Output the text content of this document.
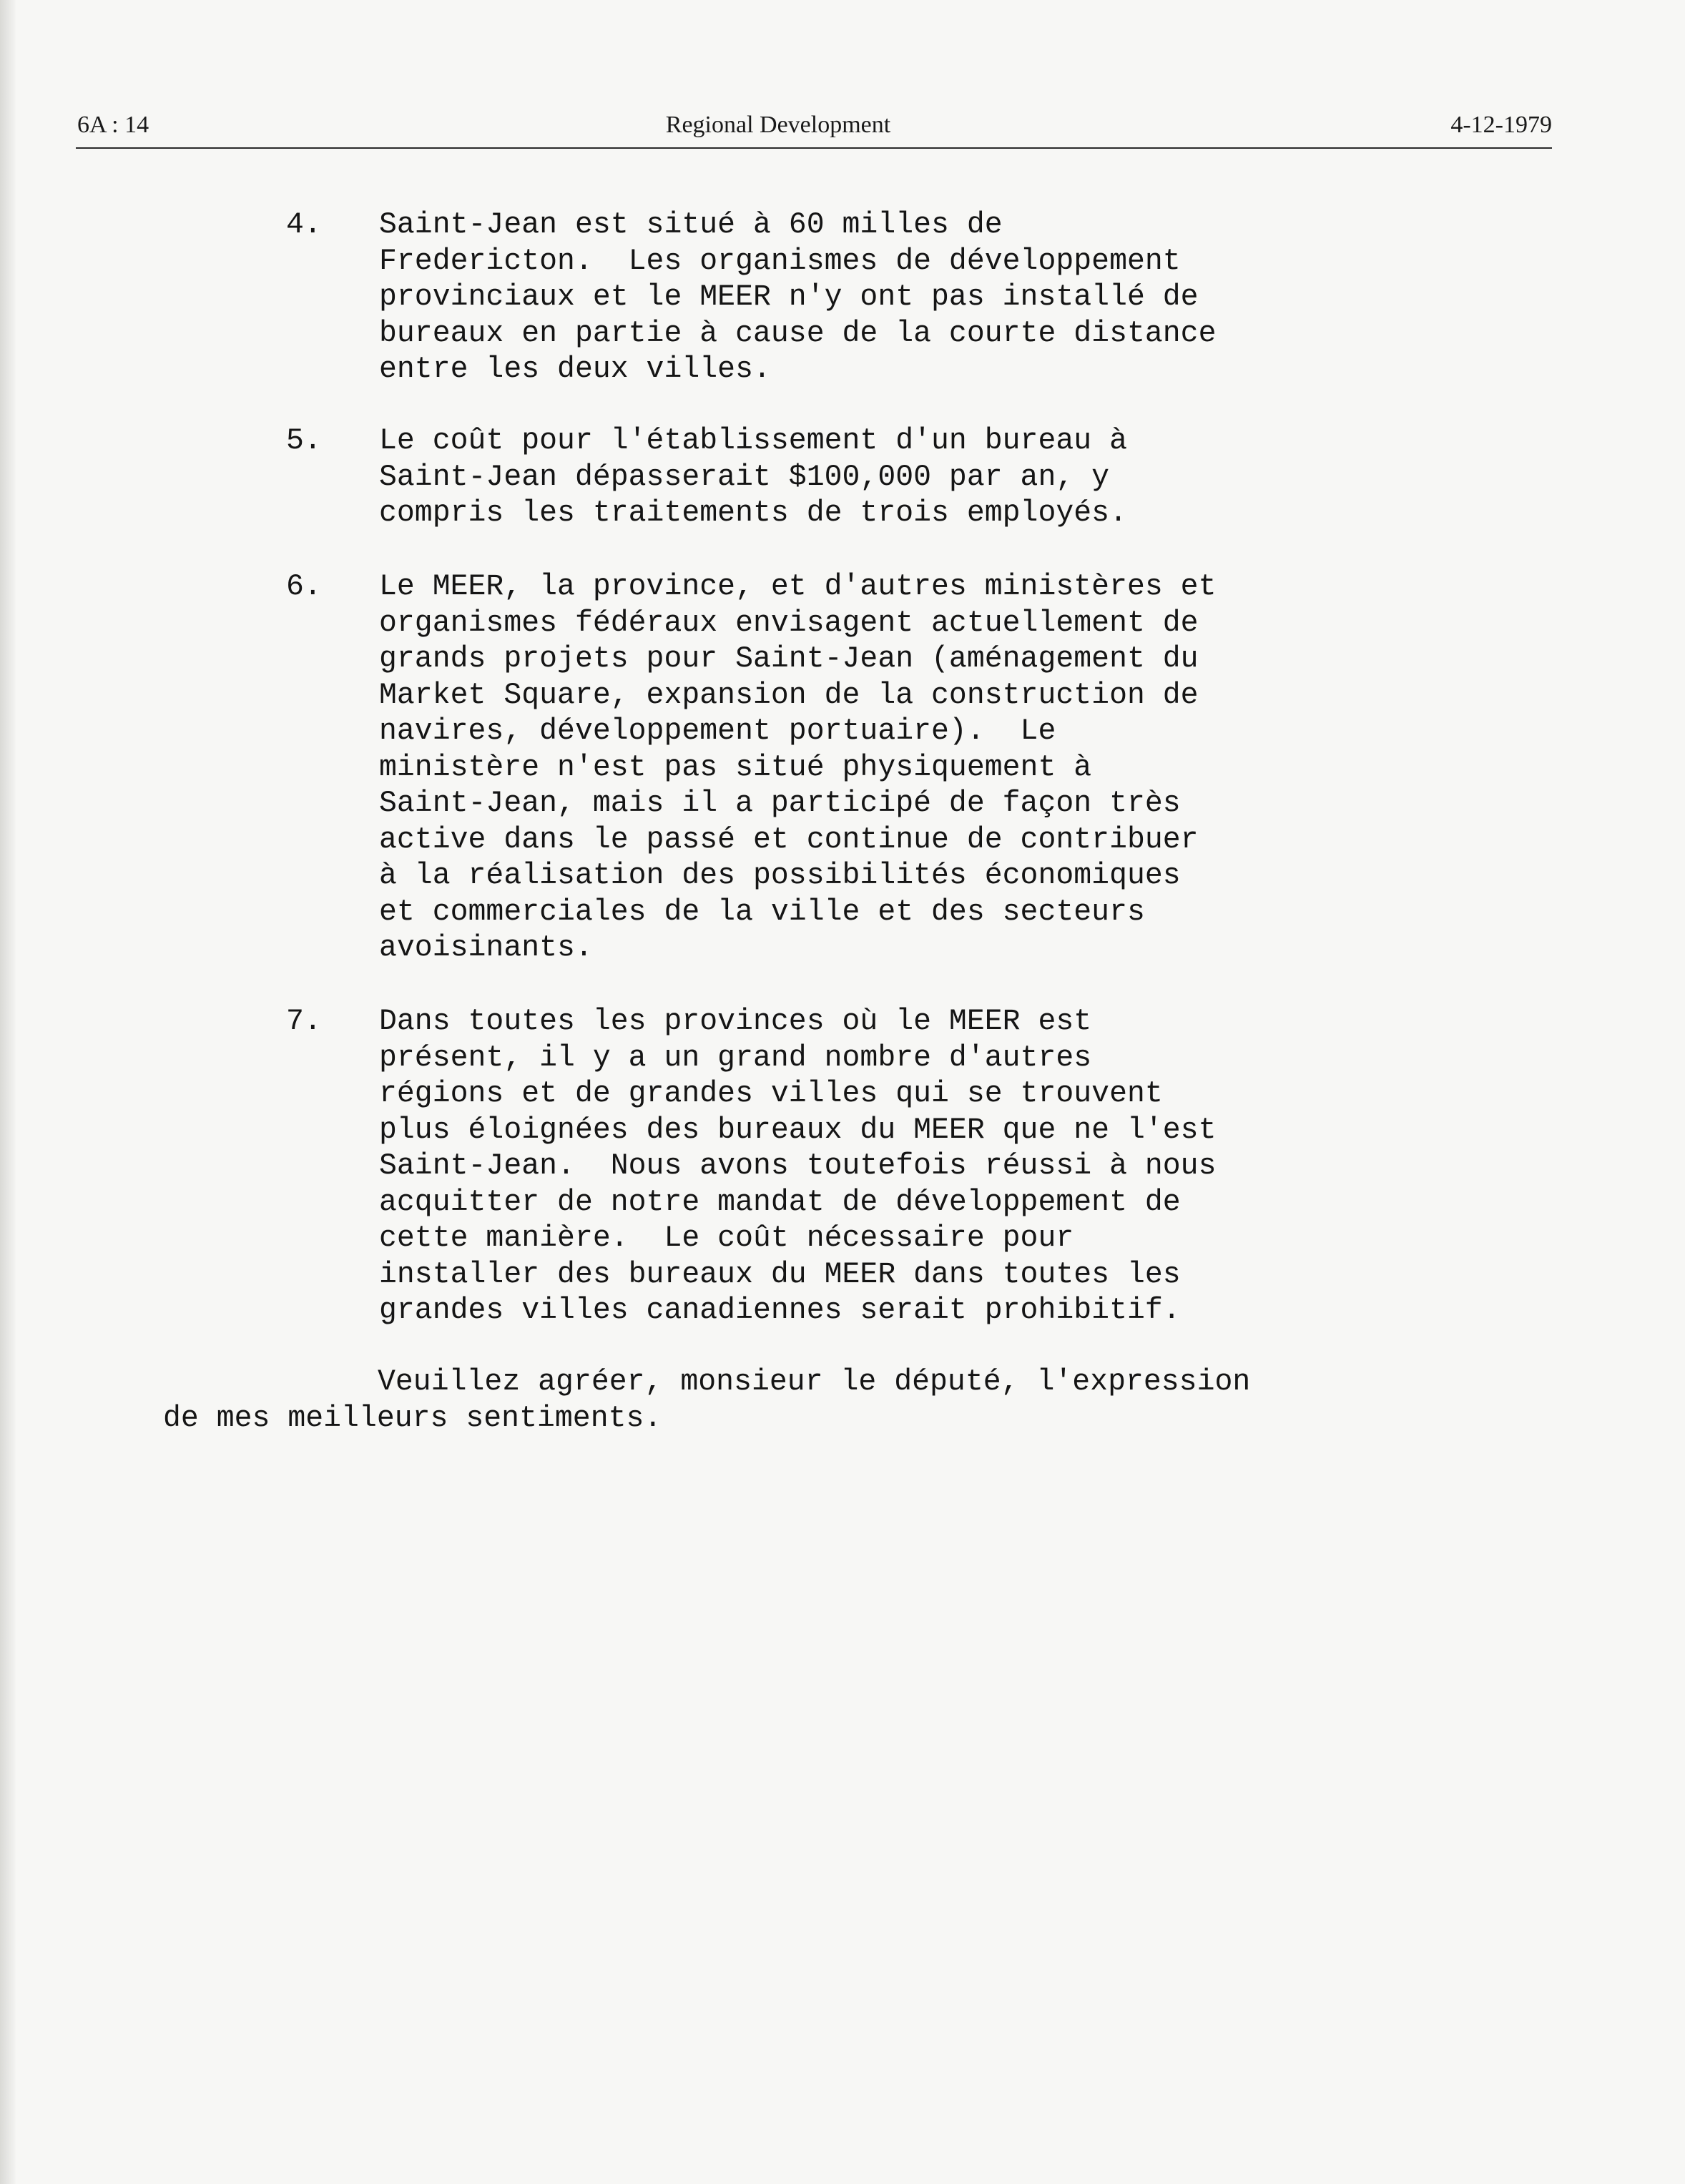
6A : 14	Regional Development	4-12-1979
4. Saint-Jean est situé à 60 milles de
Fredericton.  Les organismes de développement
provinciaux et le MEER n'y ont pas installé de
bureaux en partie à cause de la courte distance
entre les deux villes.

5. Le coût pour l'établissement d'un bureau à
Saint-Jean dépasserait $100,000 par an, y
compris les traitements de trois employés.

6. Le MEER, la province, et d'autres ministères et
organismes fédéraux envisagent actuellement de
grands projets pour Saint-Jean (aménagement du
Market Square, expansion de la construction de
navires, développement portuaire).  Le
ministère n'est pas situé physiquement à
Saint-Jean, mais il a participé de façon très
active dans le passé et continue de contribuer
à la réalisation des possibilités économiques
et commerciales de la ville et des secteurs
avoisinants.

7. Dans toutes les provinces où le MEER est
présent, il y a un grand nombre d'autres
régions et de grandes villes qui se trouvent
plus éloignées des bureaux du MEER que ne l'est
Saint-Jean.  Nous avons toutefois réussi à nous
acquitter de notre mandat de développement de
cette manière.  Le coût nécessaire pour
installer des bureaux du MEER dans toutes les
grandes villes canadiennes serait prohibitif.

Veuillez agréer, monsieur le député, l'expression
de mes meilleurs sentiments.
